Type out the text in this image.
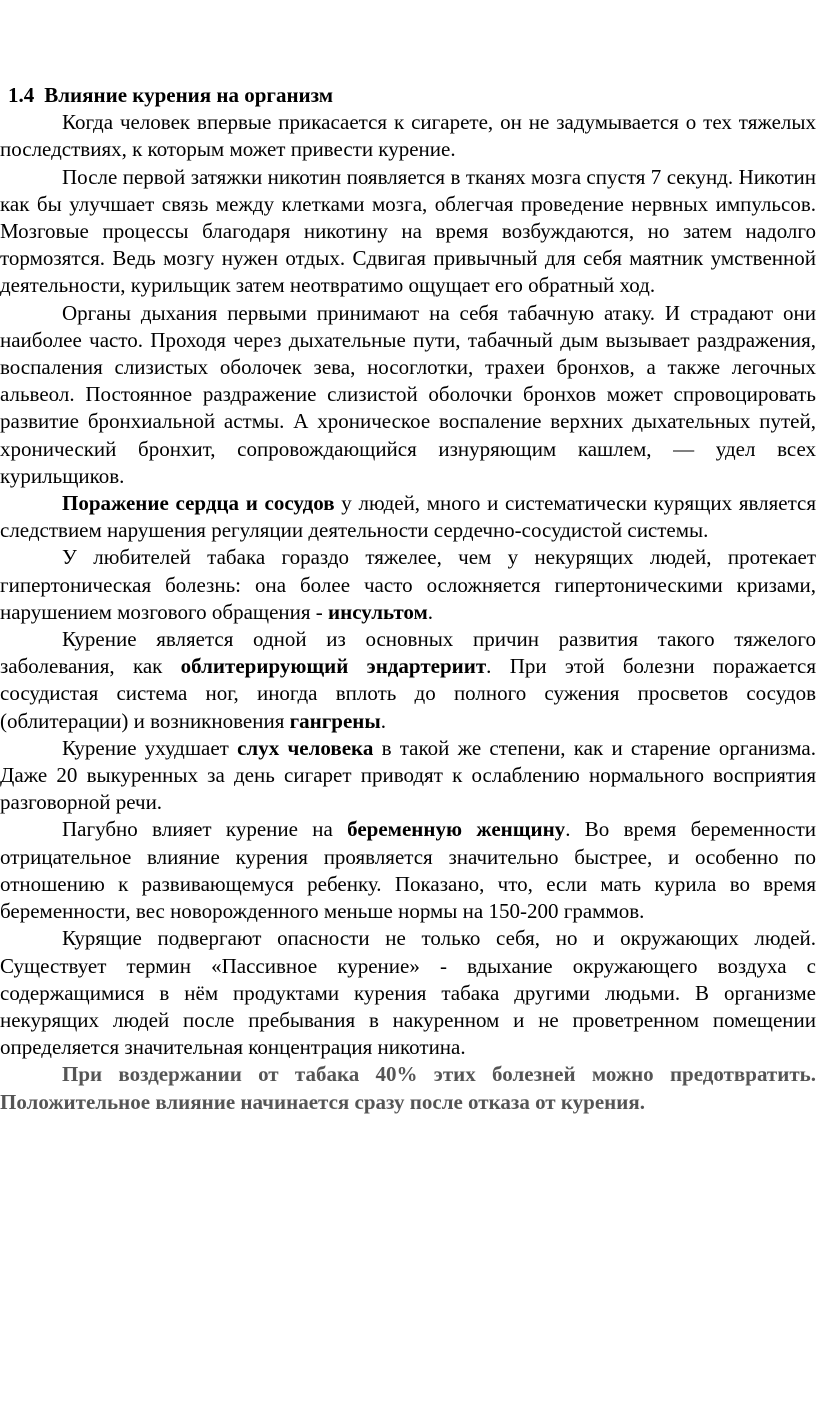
1.4 Влияние курения на организм

Когда человек впервые прикасается к сигарете, он не задумывается о тех тяжелых последствиях, к которым может привести курение.

После первой затяжки никотин появляется в тканях мозга спустя 7 секунд. Никотин как бы улучшает связь между клетками мозга, облегчая проведение нервных импульсов. Мозговые процессы благодаря никотину на время возбуждаются, но затем надолго тормозятся. Ведь мозгу нужен отдых. Сдвигая привычный для себя маятник умственной деятельности, курильщик затем неотвратимо ощущает его обратный ход.

Органы дыхания первыми принимают на себя табачную атаку. И страдают они наиболее часто. Проходя через дыхательные пути, табачный дым вызывает раздражения, воспаления слизистых оболочек зева, носоглотки, трахеи бронхов, а также легочных альвеол. Постоянное раздражение слизистой оболочки бронхов может спровоцировать развитие бронхиальной астмы. А хроническое воспаление верхних дыхательных путей, хронический бронхит, сопровождающийся изнуряющим кашлем, — удел всех курильщиков.

Поражение сердца и сосудов у людей, много и систематически курящих является следствием нарушения регуляции деятельности сердечно-сосудистой системы.

У любителей табака гораздо тяжелее, чем у некурящих людей, протекает гипертоническая болезнь: она более часто осложняется гипертоническими кризами, нарушением мозгового обращения - инсультом.

Курение является одной из основных причин развития такого тяжелого заболевания, как облитерирующий эндартериит. При этой болезни поражается сосудистая система ног, иногда вплоть до полного сужения просветов сосудов (облитерации) и возникновения гангрены.

Курение ухудшает слух человека в такой же степени, как и старение организма. Даже 20 выкуренных за день сигарет приводят к ослаблению нормального восприятия разговорной речи.

Пагубно влияет курение на беременную женщину. Во время беременности отрицательное влияние курения проявляется значительно быстрее, и особенно по отношению к развивающемуся ребенку. Показано, что, если мать курила во время беременности, вес новорожденного меньше нормы на 150-200 граммов.

Курящие подвергают опасности не только себя, но и окружающих людей. Существует термин «Пассивное курение» - вдыхание окружающего воздуха с содержащимися в нём продуктами курения табака другими людьми. В организме некурящих людей после пребывания в накуренном и не проветренном помещении определяется значительная концентрация никотина.

При воздержании от табака 40% этих болезней можно предотвратить. Положительное влияние начинается сразу после отказа от курения.
